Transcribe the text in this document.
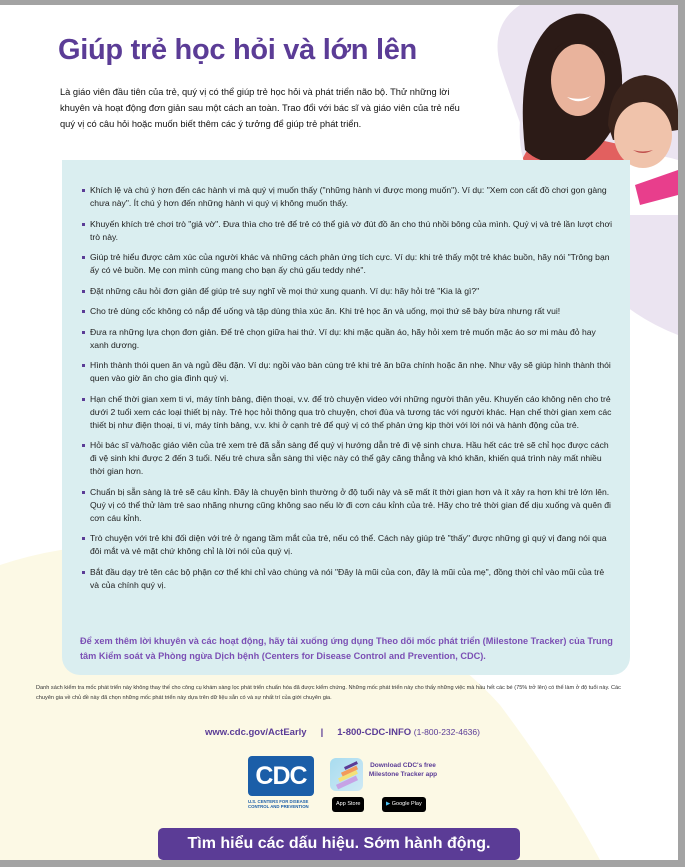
Giúp trẻ học hỏi và lớn lên

Là giáo viên đầu tiên của trẻ, quý vị có thể giúp trẻ học hỏi và phát triển não bộ. Thử những lời khuyên và hoạt động đơn giản sau một cách an toàn. Trao đổi với bác sĩ và giáo viên của trẻ nếu quý vị có câu hỏi hoặc muốn biết thêm các ý tưởng để giúp trẻ phát triển.

Khích lệ và chú ý hơn đến các hành vi mà quý vị muốn thấy ("những hành vi được mong muốn"). Ví dụ: "Xem con cất đồ chơi gọn gàng chưa này". Ít chú ý hơn đến những hành vi quý vị không muốn thấy.
Khuyến khích trẻ chơi trò "giả vờ". Đưa thìa cho trẻ để trẻ có thể giả vờ đút đồ ăn cho thú nhồi bông của mình. Quý vị và trẻ lần lượt chơi trò này.
Giúp trẻ hiểu được cảm xúc của người khác và những cách phản ứng tích cực. Ví dụ: khi trẻ thấy một trẻ khác buồn, hãy nói "Trông bạn ấy có vẻ buồn. Mẹ con mình cùng mang cho bạn ấy chú gấu teddy nhé".
Đặt những câu hỏi đơn giản để giúp trẻ suy nghĩ về mọi thứ xung quanh. Ví dụ: hãy hỏi trẻ "Kia là gì?"
Cho trẻ dùng cốc không có nắp để uống và tập dùng thìa xúc ăn. Khi trẻ học ăn và uống, mọi thứ sẽ bày bừa nhưng rất vui!
Đưa ra những lựa chọn đơn giản. Để trẻ chọn giữa hai thứ. Ví dụ: khi mặc quần áo, hãy hỏi xem trẻ muốn mặc áo sơ mi màu đỏ hay xanh dương.
Hình thành thói quen ăn và ngủ đều đặn. Ví dụ: ngồi vào bàn cùng trẻ khi trẻ ăn bữa chính hoặc ăn nhẹ. Như vậy sẽ giúp hình thành thói quen vào giờ ăn cho gia đình quý vị.
Hạn chế thời gian xem ti vi, máy tính bảng, điện thoại, v.v. để trò chuyện video với những người thân yêu. Khuyến cáo không nên cho trẻ dưới 2 tuổi xem các loại thiết bị này. Trẻ học hỏi thông qua trò chuyện, chơi đùa và tương tác với người khác. Hạn chế thời gian xem các thiết bị như điện thoại, ti vi, máy tính bảng, v.v. khi ở cạnh trẻ để quý vị có thể phản ứng kịp thời với lời nói và hành động của trẻ.
Hỏi bác sĩ và/hoặc giáo viên của trẻ xem trẻ đã sẵn sàng để quý vị hướng dẫn trẻ đi vệ sinh chưa. Hầu hết các trẻ sẽ chỉ học được cách đi vệ sinh khi được 2 đến 3 tuổi. Nếu trẻ chưa sẵn sàng thì việc này có thể gây căng thẳng và khó khăn, khiến quá trình này mất nhiều thời gian hơn.
Chuẩn bị sẵn sàng là trẻ sẽ cáu kỉnh. Đây là chuyện bình thường ở độ tuổi này và sẽ mất ít thời gian hơn và ít xảy ra hơn khi trẻ lớn lên. Quý vị có thể thử làm trẻ sao nhãng nhưng cũng không sao nếu lờ đi cơn cáu kỉnh của trẻ. Hãy cho trẻ thời gian để dịu xuống và quên đi cơn cáu kỉnh.
Trò chuyện với trẻ khi đối diện với trẻ ở ngang tầm mắt của trẻ, nếu có thể. Cách này giúp trẻ "thấy" được những gì quý vị đang nói qua đôi mắt và vẻ mặt chứ không chỉ là lời nói của quý vị.
Bắt đầu dạy trẻ tên các bộ phận cơ thể khi chỉ vào chúng và nói "Đây là mũi của con, đây là mũi của mẹ", đồng thời chỉ vào mũi của trẻ và của chính quý vị.

Để xem thêm lời khuyên và các hoạt động, hãy tải xuống ứng dụng Theo dõi mốc phát triển (Milestone Tracker) của Trung tâm Kiểm soát và Phòng ngừa Dịch bệnh (Centers for Disease Control and Prevention, CDC).

Danh sách kiểm tra mốc phát triển này không thay thế cho công cụ khám sàng lọc phát triển chuẩn hóa đã được kiểm chứng. Những mốc phát triển này cho thấy những việc mà hầu hết các bé (75% trở lên) có thể làm ở độ tuổi này. Các chuyên gia về chủ đề này đã chọn những mốc phát triển này dựa trên dữ liệu sẵn có và sự nhất trí của giới chuyên gia.

www.cdc.gov/ActEarly | 1-800-CDC-INFO (1-800-232-4636)
CDC
U.S. CENTERS FOR DISEASE CONTROL AND PREVENTION
Download CDC's free Milestone Tracker app
App Store	▶ Google Play
Tìm hiểu các dấu hiệu. Sớm hành động.
